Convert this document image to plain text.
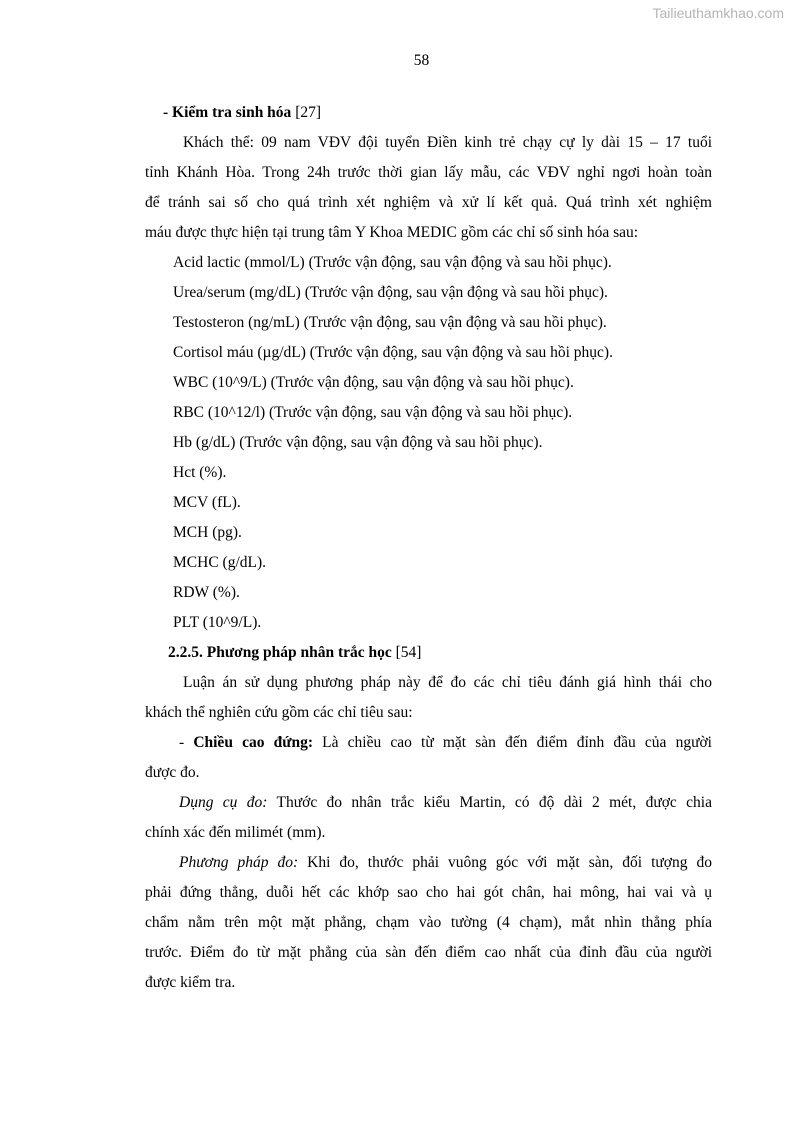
Tailieuthamkhao.com
58
- Kiểm tra sinh hóa [27]
Khách thể: 09 nam VĐV đội tuyển Điền kinh trẻ chạy cự ly dài 15 – 17 tuổi
tỉnh Khánh Hòa. Trong 24h trước thời gian lấy mẫu, các VĐV nghỉ ngơi hoàn toàn
để tránh sai số cho quá trình xét nghiệm và xử lí kết quả. Quá trình xét nghiệm
máu được thực hiện tại trung tâm Y Khoa MEDIC gồm các chỉ số sinh hóa sau:
Acid lactic (mmol/L) (Trước vận động, sau vận động và sau hồi phục).
Urea/serum (mg/dL) (Trước vận động, sau vận động và sau hồi phục).
Testosteron (ng/mL) (Trước vận động, sau vận động và sau hồi phục).
Cortisol máu (µg/dL) (Trước vận động, sau vận động và sau hồi phục).
WBC (10^9/L) (Trước vận động, sau vận động và sau hồi phục).
RBC (10^12/l) (Trước vận động, sau vận động và sau hồi phục).
Hb (g/dL) (Trước vận động, sau vận động và sau hồi phục).
Hct (%).
MCV (fL).
MCH (pg).
MCHC (g/dL).
RDW (%).
PLT (10^9/L).
2.2.5. Phương pháp nhân trắc học [54]
Luận án sử dụng phương pháp này để đo các chỉ tiêu đánh giá hình thái cho
khách thể nghiên cứu gồm các chỉ tiêu sau:
- Chiều cao đứng: Là chiều cao từ mặt sàn đến điểm đỉnh đầu của người
được đo.
Dụng cụ đo: Thước đo nhân trắc kiểu Martin, có độ dài 2 mét, được chia
chính xác đến milimét (mm).
Phương pháp đo: Khi đo, thước phải vuông góc với mặt sàn, đối tượng đo
phải đứng thẳng, duỗi hết các khớp sao cho hai gót chân, hai mông, hai vai và ụ
chẩm nằm trên một mặt phẳng, chạm vào tường (4 chạm), mắt nhìn thẳng phía
trước. Điểm đo từ mặt phẳng của sàn đến điểm cao nhất của đỉnh đầu của người
được kiểm tra.
